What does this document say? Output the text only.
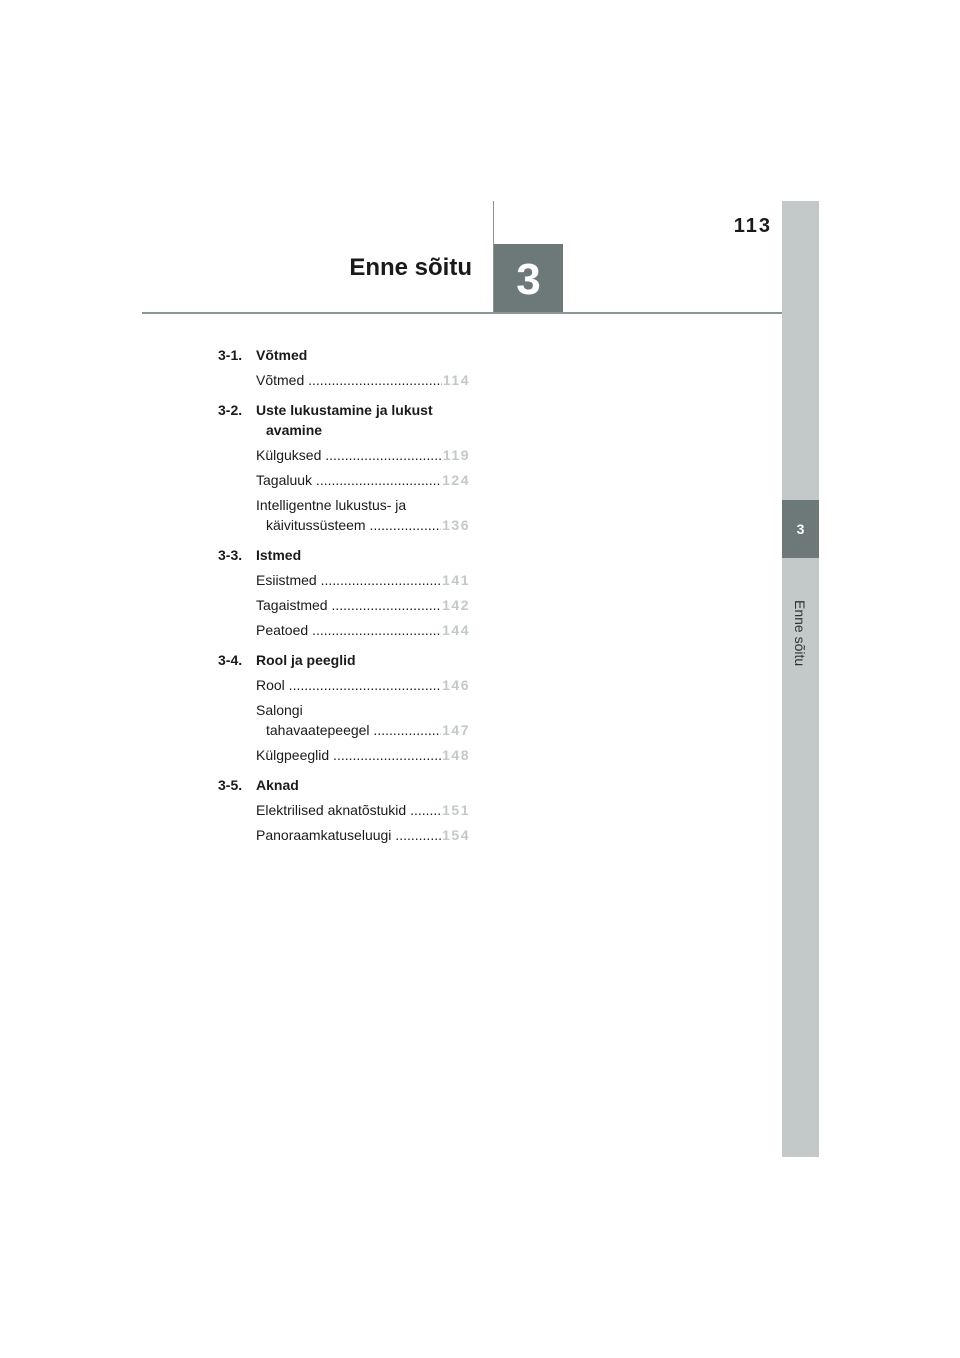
113
Enne sõitu	3
3
Enne sõitu
3-1. Võtmed
Võtmed .....	114
3-2. Uste lukustamine ja lukust
avamine
Külguksed .....	119
Tagaluuk .....	124
Intelligentne lukustus- ja
käivitussüsteem .....	136
3-3. Istmed
Esiistmed .....	141
Tagaistmed .....	142
Peatoed .....	144
3-4. Rool ja peeglid
Rool .....	146
Salongi
tahavaatepeegel .....	147
Külgpeeglid .....	148
3-5. Aknad
Elektrilised aknatõstukid .....	151
Panoraamkatuseluugi .....	154
